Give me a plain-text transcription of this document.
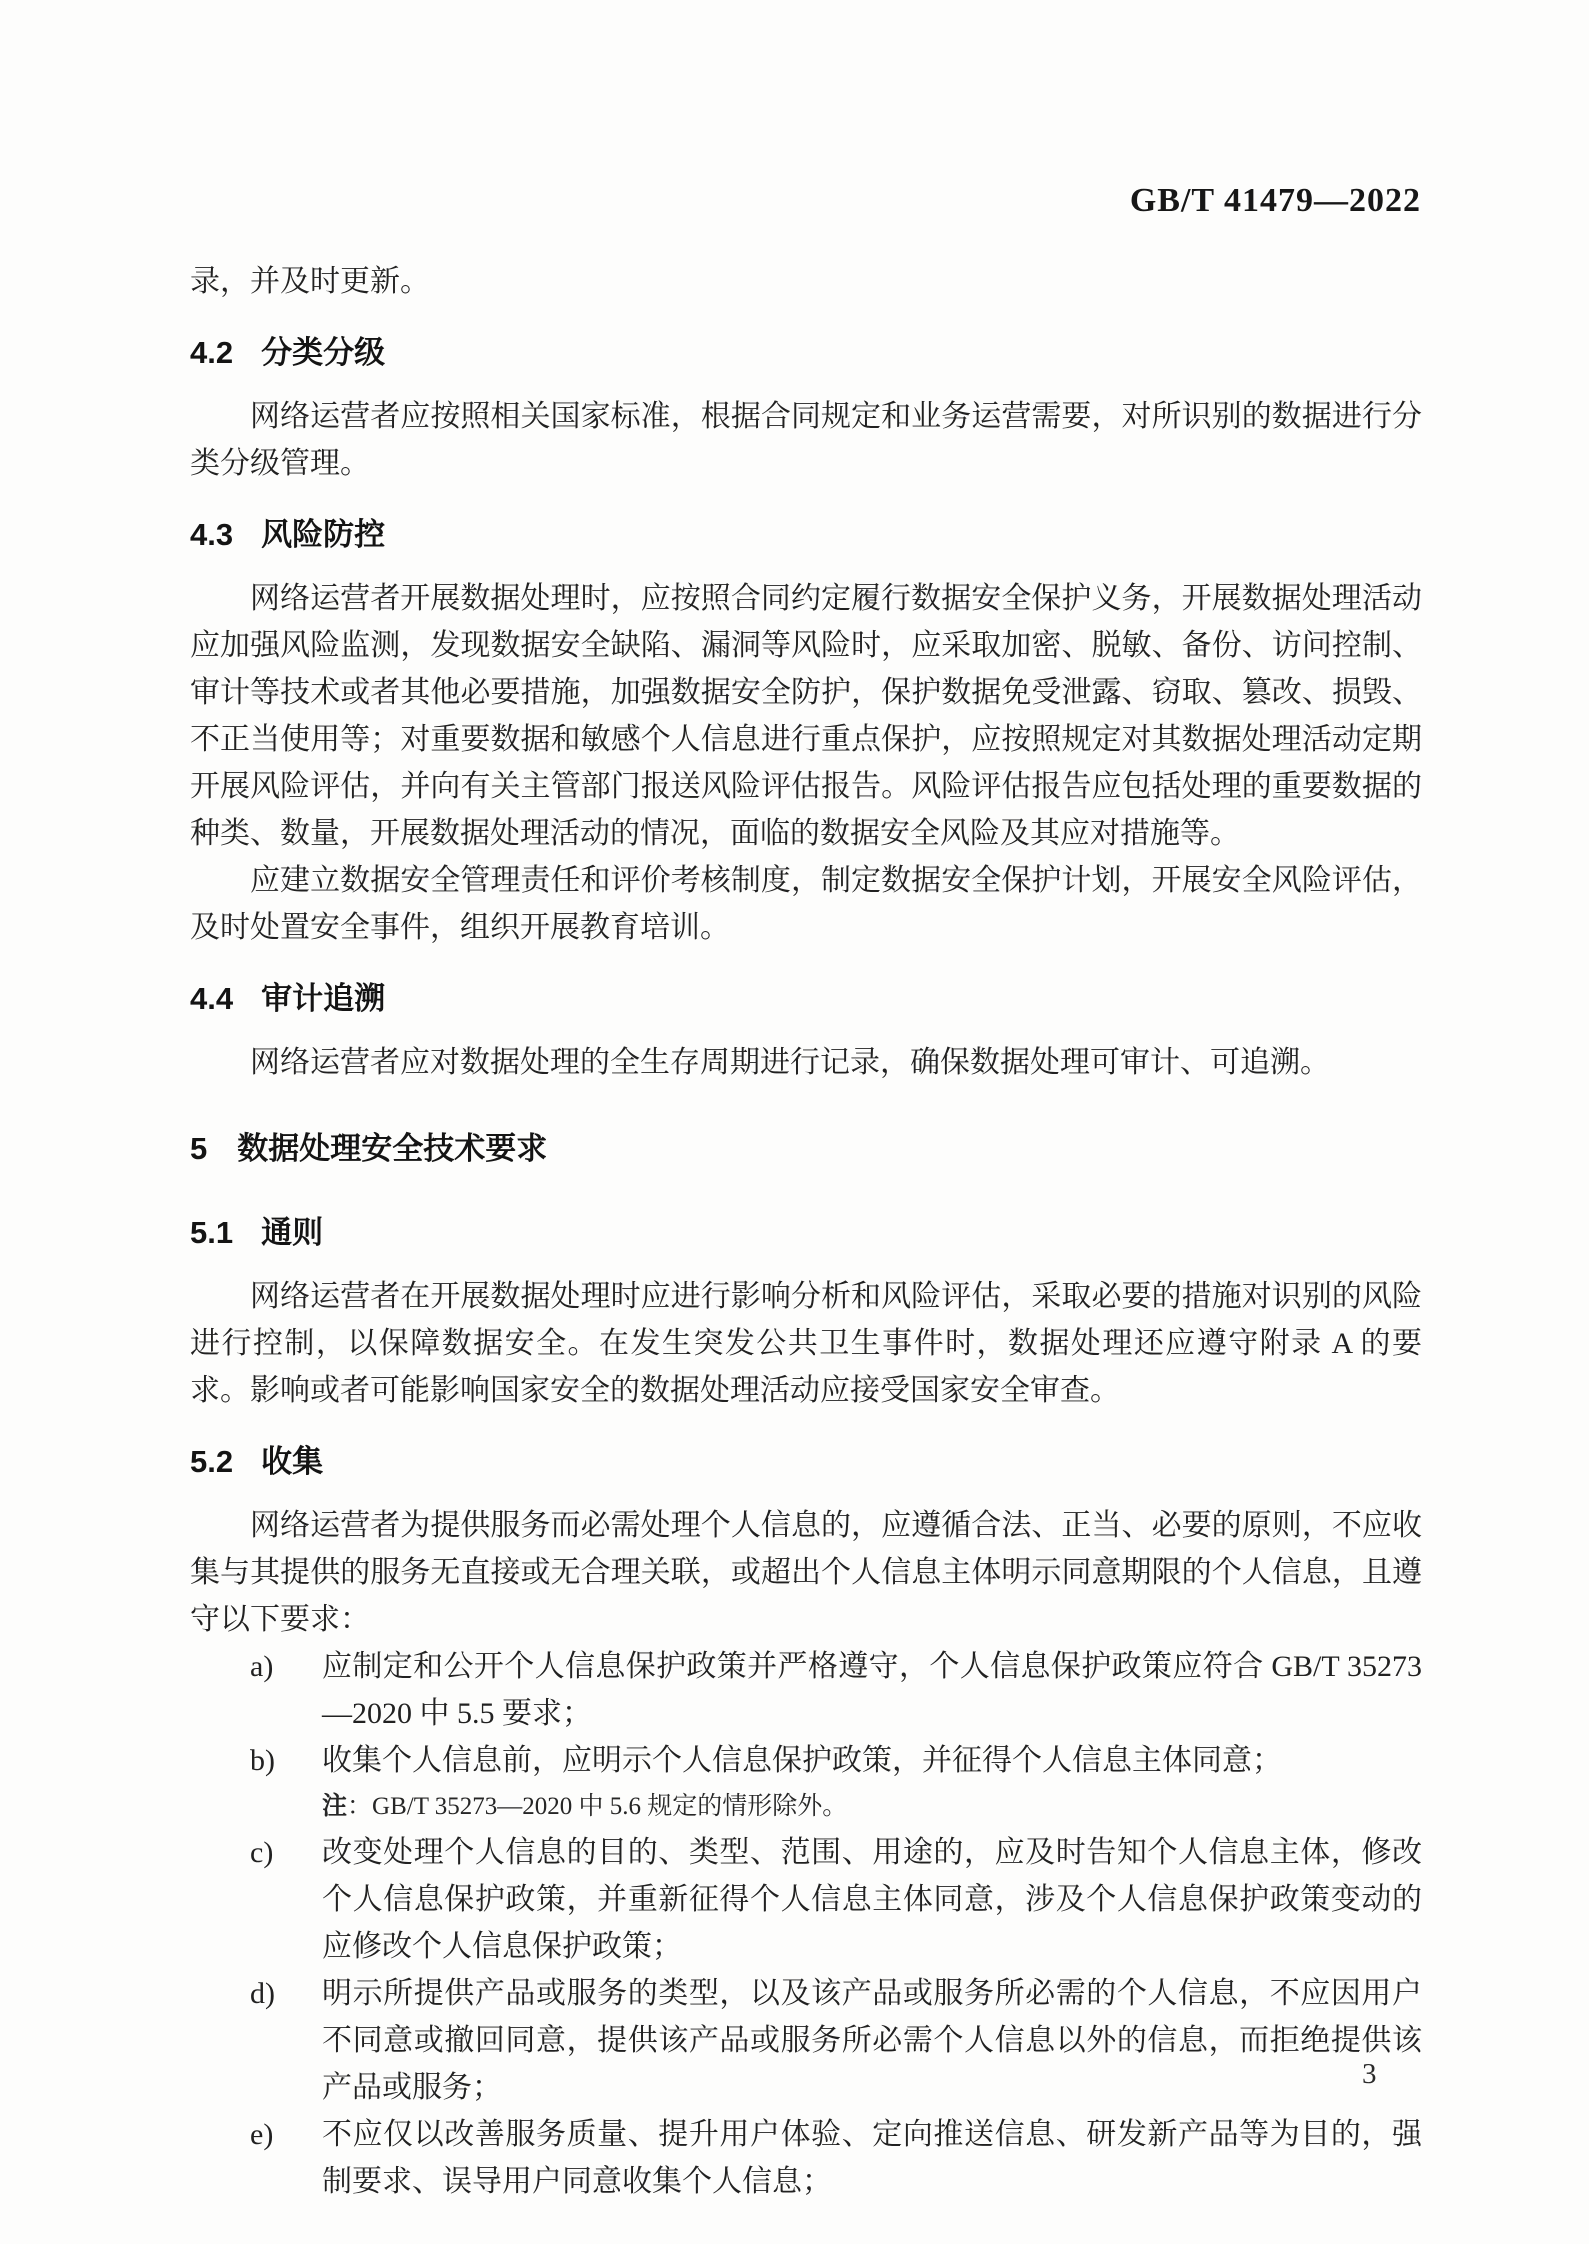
GB/T 41479—2022

录，并及时更新。

4.2 分类分级

网络运营者应按照相关国家标准，根据合同规定和业务运营需要，对所识别的数据进行分类分级管理。

4.3 风险防控

网络运营者开展数据处理时，应按照合同约定履行数据安全保护义务，开展数据处理活动应加强风险监测，发现数据安全缺陷、漏洞等风险时，应采取加密、脱敏、备份、访问控制、审计等技术或者其他必要措施，加强数据安全防护，保护数据免受泄露、窃取、篡改、损毁、不正当使用等；对重要数据和敏感个人信息进行重点保护，应按照规定对其数据处理活动定期开展风险评估，并向有关主管部门报送风险评估报告。风险评估报告应包括处理的重要数据的种类、数量，开展数据处理活动的情况，面临的数据安全风险及其应对措施等。

应建立数据安全管理责任和评价考核制度，制定数据安全保护计划，开展安全风险评估，及时处置安全事件，组织开展教育培训。

4.4 审计追溯

网络运营者应对数据处理的全生存周期进行记录，确保数据处理可审计、可追溯。

5 数据处理安全技术要求
5.1 通则

网络运营者在开展数据处理时应进行影响分析和风险评估，采取必要的措施对识别的风险进行控制，以保障数据安全。在发生突发公共卫生事件时，数据处理还应遵守附录 A 的要求。影响或者可能影响国家安全的数据处理活动应接受国家安全审查。

5.2 收集

网络运营者为提供服务而必需处理个人信息的，应遵循合法、正当、必要的原则，不应收集与其提供的服务无直接或无合理关联，或超出个人信息主体明示同意期限的个人信息，且遵守以下要求：

a) 应制定和公开个人信息保护政策并严格遵守，个人信息保护政策应符合 GB/T 35273—2020 中 5.5 要求；
b) 收集个人信息前，应明示个人信息保护政策，并征得个人信息主体同意；
注：GB/T 35273—2020 中 5.6 规定的情形除外。
c) 改变处理个人信息的目的、类型、范围、用途的，应及时告知个人信息主体，修改个人信息保护政策，并重新征得个人信息主体同意，涉及个人信息保护政策变动的应修改个人信息保护政策；
d) 明示所提供产品或服务的类型，以及该产品或服务所必需的个人信息，不应因用户不同意或撤回同意，提供该产品或服务所必需个人信息以外的信息，而拒绝提供该产品或服务；
e) 不应仅以改善服务质量、提升用户体验、定向推送信息、研发新产品等为目的，强制要求、误导用户同意收集个人信息；
3
